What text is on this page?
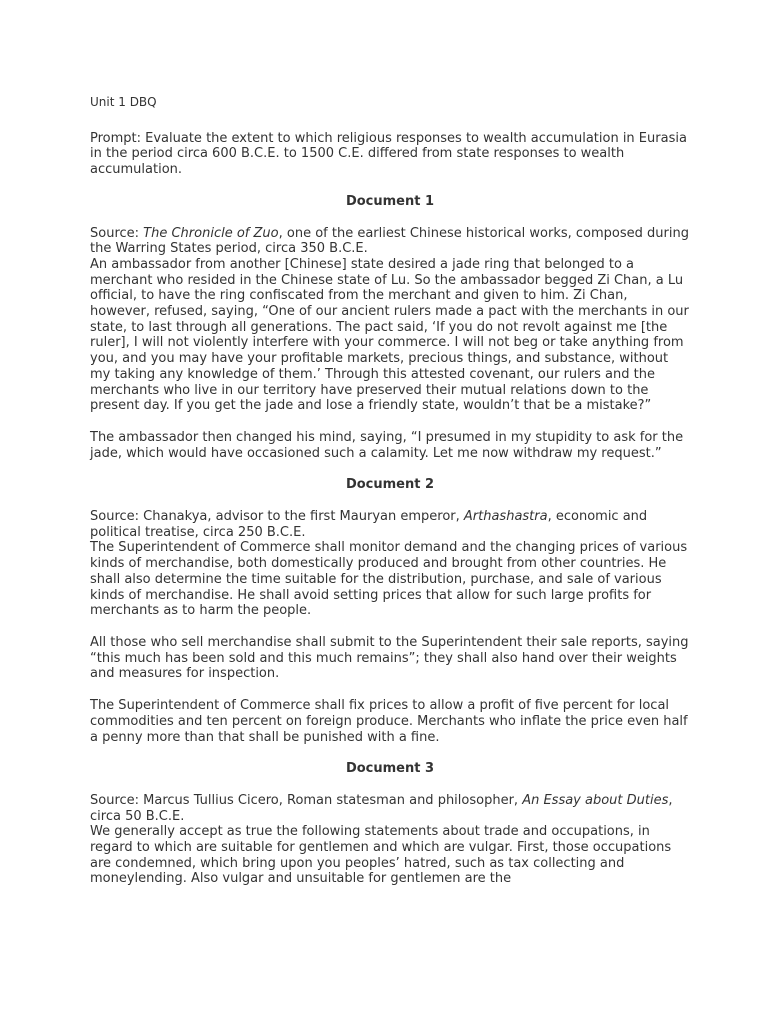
Unit 1 DBQ

Prompt: Evaluate the extent to which religious responses to wealth accumulation in Eurasia in the period circa 600 B.C.E. to 1500 C.E. differed from state responses to wealth accumulation.

Document 1

Source: The Chronicle of Zuo, one of the earliest Chinese historical works, composed during the Warring States period, circa 350 B.C.E.

An ambassador from another [Chinese] state desired a jade ring that belonged to a merchant who resided in the Chinese state of Lu. So the ambassador begged Zi Chan, a Lu official, to have the ring confiscated from the merchant and given to him. Zi Chan, however, refused, saying, “One of our ancient rulers made a pact with the merchants in our state, to last through all generations. The pact said, ‘If you do not revolt against me [the ruler], I will not violently interfere with your commerce. I will not beg or take anything from you, and you may have your profitable markets, precious things, and substance, without my taking any knowledge of them.’ Through this attested covenant, our rulers and the merchants who live in our territory have preserved their mutual relations down to the present day. If you get the jade and lose a friendly state, wouldn’t that be a mistake?”

The ambassador then changed his mind, saying, “I presumed in my stupidity to ask for the jade, which would have occasioned such a calamity. Let me now withdraw my request.”

Document 2

Source: Chanakya, advisor to the first Mauryan emperor, Arthashastra, economic and political treatise, circa 250 B.C.E.

The Superintendent of Commerce shall monitor demand and the changing prices of various kinds of merchandise, both domestically produced and brought from other countries. He shall also determine the time suitable for the distribution, purchase, and sale of various kinds of merchandise. He shall avoid setting prices that allow for such large profits for merchants as to harm the people.

All those who sell merchandise shall submit to the Superintendent their sale reports, saying “this much has been sold and this much remains”; they shall also hand over their weights and measures for inspection.

The Superintendent of Commerce shall fix prices to allow a profit of five percent for local commodities and ten percent on foreign produce. Merchants who inflate the price even half a penny more than that shall be punished with a fine.

Document 3

Source: Marcus Tullius Cicero, Roman statesman and philosopher, An Essay about Duties, circa 50 B.C.E.

We generally accept as true the following statements about trade and occupations, in regard to which are suitable for gentlemen and which are vulgar. First, those occupations are condemned, which bring upon you peoples’ hatred, such as tax collecting and moneylending. Also vulgar and unsuitable for gentlemen are the
